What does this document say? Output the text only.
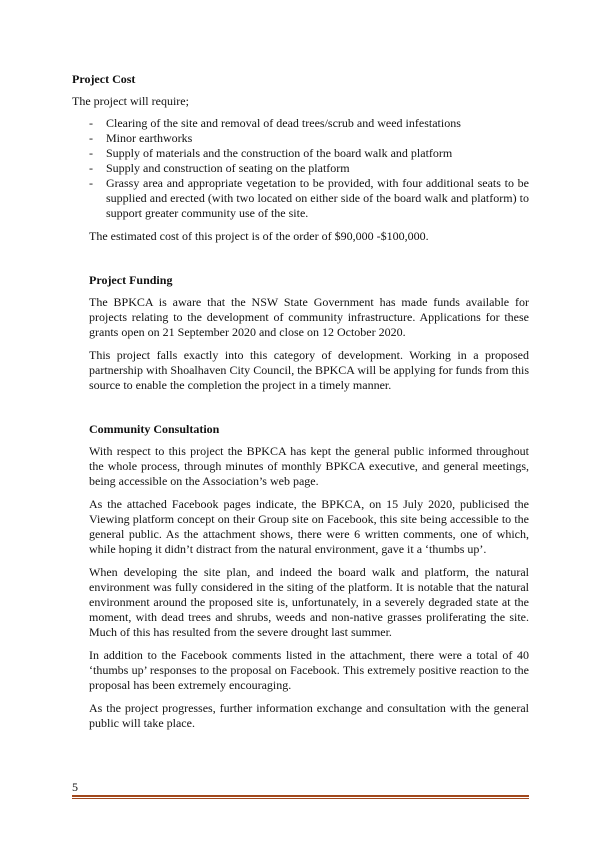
Project Cost

The project will require;

- Clearing of the site and removal of dead trees/scrub and weed infestations
- Minor earthworks
- Supply of materials and the construction of the board walk and platform
- Supply and construction of seating on the platform
- Grassy area and appropriate vegetation to be provided, with four additional seats to be supplied and erected (with two located on either side of the board walk and platform) to support greater community use of the site.

The estimated cost of this project is of the order of $90,000 -$100,000.

Project Funding

The BPKCA is aware that the NSW State Government has made funds available for projects relating to the development of community infrastructure. Applications for these grants open on 21 September 2020 and close on 12 October 2020.

This project falls exactly into this category of development. Working in a proposed partnership with Shoalhaven City Council, the BPKCA will be applying for funds from this source to enable the completion the project in a timely manner.

Community Consultation

With respect to this project the BPKCA has kept the general public informed throughout the whole process, through minutes of monthly BPKCA executive, and general meetings, being accessible on the Association’s web page.

As the attached Facebook pages indicate, the BPKCA, on 15 July 2020, publicised the Viewing platform concept on their Group site on Facebook, this site being accessible to the general public. As the attachment shows, there were 6 written comments, one of which, while hoping it didn’t distract from the natural environment, gave it a ‘thumbs up’.

When developing the site plan, and indeed the board walk and platform, the natural environment was fully considered in the siting of the platform. It is notable that the natural environment around the proposed site is, unfortunately, in a severely degraded state at the moment, with dead trees and shrubs, weeds and non-native grasses proliferating the site. Much of this has resulted from the severe drought last summer.

In addition to the Facebook comments listed in the attachment, there were a total of 40 ‘thumbs up’ responses to the proposal on Facebook. This extremely positive reaction to the proposal has been extremely encouraging.

As the project progresses, further information exchange and consultation with the general public will take place.

5
